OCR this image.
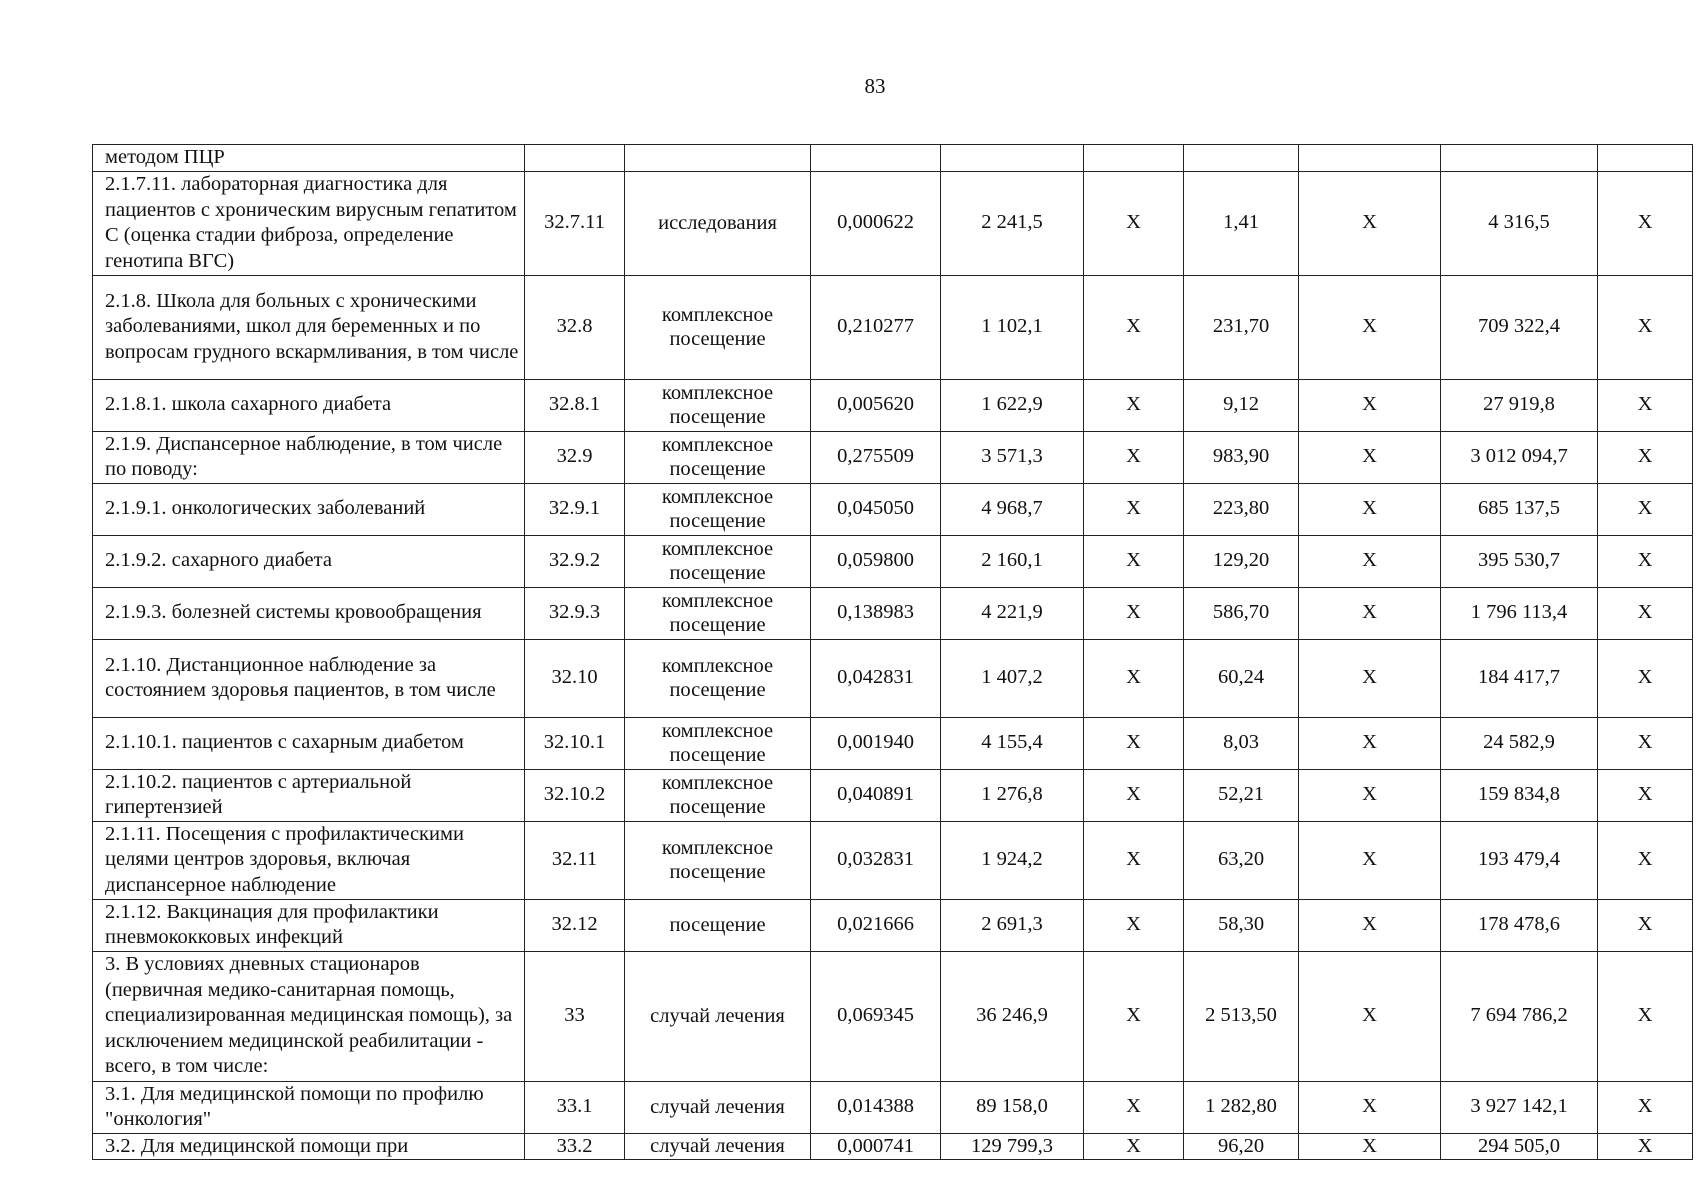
83
методом ПЦР									
2.1.7.11. лабораторная диагностика для пациентов с хроническим вирусным гепатитом С (оценка стадии фиброза, определение генотипа ВГС)	32.7.11	исследования	0,000622	2 241,5	X	1,41	X	4 316,5	X
2.1.8. Школа для больных с хроническими заболеваниями, школ для беременных и по вопросам грудного вскармливания, в том числе	32.8	комплексное посещение	0,210277	1 102,1	X	231,70	X	709 322,4	X
2.1.8.1. школа сахарного диабета	32.8.1	комплексное посещение	0,005620	1 622,9	X	9,12	X	27 919,8	X
2.1.9. Диспансерное наблюдение, в том числе по поводу:	32.9	комплексное посещение	0,275509	3 571,3	X	983,90	X	3 012 094,7	X
2.1.9.1. онкологических заболеваний	32.9.1	комплексное посещение	0,045050	4 968,7	X	223,80	X	685 137,5	X
2.1.9.2. сахарного диабета	32.9.2	комплексное посещение	0,059800	2 160,1	X	129,20	X	395 530,7	X
2.1.9.3. болезней системы кровообращения	32.9.3	комплексное посещение	0,138983	4 221,9	X	586,70	X	1 796 113,4	X
2.1.10. Дистанционное наблюдение за состоянием здоровья пациентов, в том числе	32.10	комплексное посещение	0,042831	1 407,2	X	60,24	X	184 417,7	X
2.1.10.1. пациентов с сахарным диабетом	32.10.1	комплексное посещение	0,001940	4 155,4	X	8,03	X	24 582,9	X
2.1.10.2. пациентов с артериальной гипертензией	32.10.2	комплексное посещение	0,040891	1 276,8	X	52,21	X	159 834,8	X
2.1.11. Посещения с профилактическими целями центров здоровья, включая диспансерное наблюдение	32.11	комплексное посещение	0,032831	1 924,2	X	63,20	X	193 479,4	X
2.1.12. Вакцинация для профилактики пневмококковых инфекций	32.12	посещение	0,021666	2 691,3	X	58,30	X	178 478,6	X
3. В условиях дневных стационаров (первичная медико-санитарная помощь, специализированная медицинская помощь), за исключением медицинской реабилитации - всего, в том числе:	33	случай лечения	0,069345	36 246,9	X	2 513,50	X	7 694 786,2	X
3.1. Для медицинской помощи по профилю "онкология"	33.1	случай лечения	0,014388	89 158,0	X	1 282,80	X	3 927 142,1	X
3.2. Для медицинской помощи при	33.2	случай лечения	0,000741	129 799,3	X	96,20	X	294 505,0	X
